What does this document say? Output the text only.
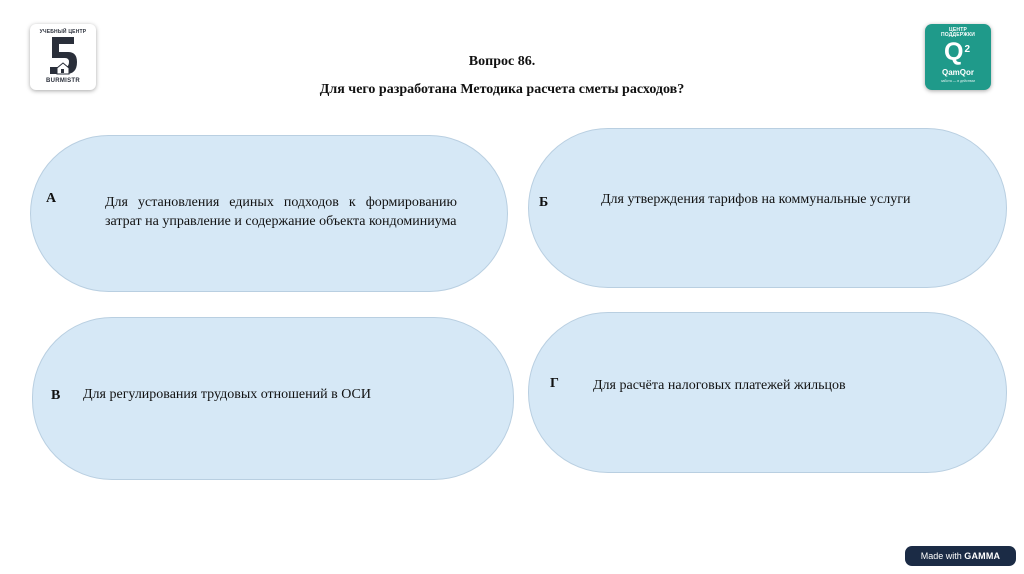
УЧЕБНЫЙ ЦЕНТР
BURMISTR
ЦЕНТР
ПОДДЕРЖКИ
$Q^2$
QamQor
забота — в действии
Вопрос 86.
Для чего разработана Методика расчета сметы расходов?
А	Для установления единых подходов к формированию затрат на управление и содержание объекта кондоминиума
Б	Для утверждения тарифов на коммунальные услуги
В Для регулирования трудовых отношений в ОСИ
Г Для расчёта налоговых платежей жильцов
Made with GAMMA
